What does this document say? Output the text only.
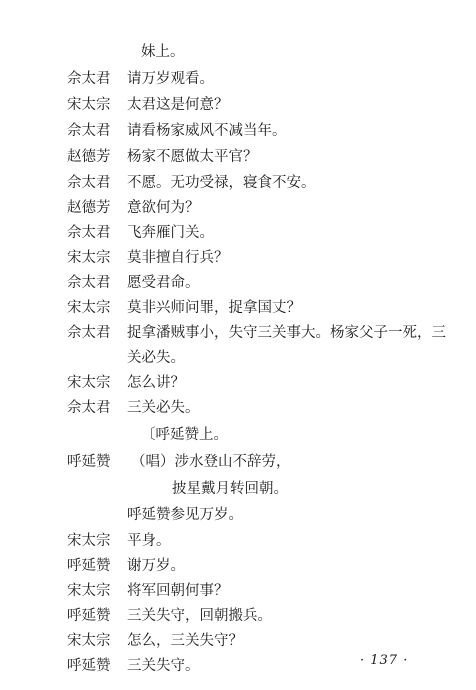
妹上。
佘太君	请万岁观看。
宋太宗	太君这是何意？
佘太君	请看杨家威风不减当年。
赵德芳	杨家不愿做太平官？
佘太君	不愿。无功受禄，寝食不安。
赵德芳	意欲何为？
佘太君	飞奔雁门关。
宋太宗	莫非擅自行兵？
佘太君	愿受君命。
宋太宗	莫非兴师问罪，捉拿国丈？
佘太君	捉拿潘贼事小，失守三关事大。杨家父子一死，三
关必失。
宋太宗	怎么讲？
佘太君	三关必失。
〔呼延赞上。
呼延赞	（唱）涉水登山不辞劳，
披星戴月转回朝。
呼延赞参见万岁。
宋太宗	平身。
呼延赞	谢万岁。
宋太宗	将军回朝何事？
呼延赞	三关失守，回朝搬兵。
宋太宗	怎么，三关失守？
呼延赞	三关失守。	· 137 ·
